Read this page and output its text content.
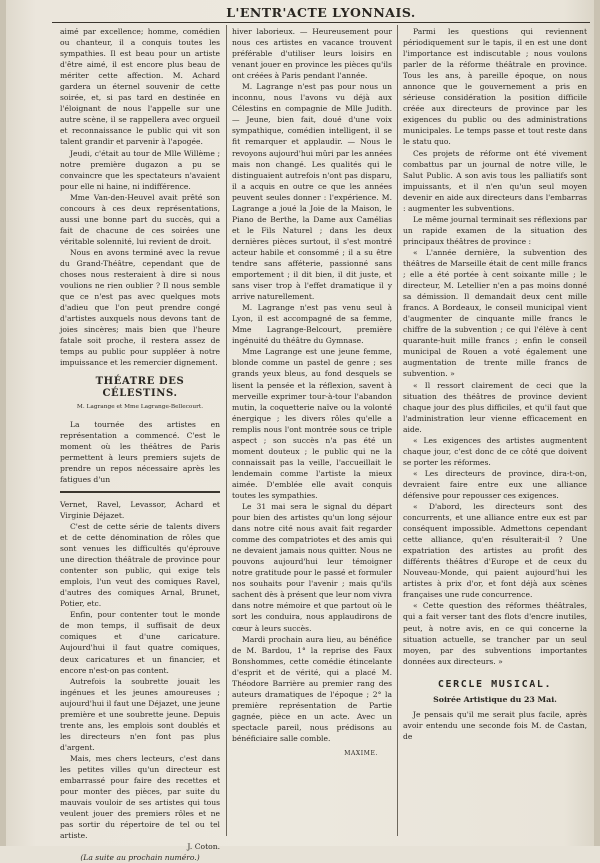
L'ENTR'ACTE LYONNAIS.

aimé par excellence; homme, comédien ou chanteur, il a conquis toutes les sympathies. Il est beau pour un artiste d'être aimé, il est encore plus beau de mériter cette affection. M. Achard gardera un éternel souvenir de cette soirée, et, si pas tard en destinée en l'éloignant de nous l'appelle sur une autre scène, il se rappellera avec orgueil et reconnaissance le public qui vit son talent grandir et parvenir à l'apogée.

Jeudi, c'était au tour de Mlle Willème ; notre première dugazon a pu se convaincre que les spectateurs n'avaient pour elle ni haine, ni indifférence.

Mme Van-den-Heuvel avait prêté son concours à ces deux représentations, aussi une bonne part du succès, qui a fait de chacune de ces soirées une véritable solennité, lui revient de droit.

Nous en avons terminé avec la revue du Grand-Théâtre, cependant que de choses nous resteraient à dire si nous voulions ne rien oublier ? Il nous semble que ce n'est pas avec quelques mots d'adieu que l'on peut prendre congé d'artistes auxquels nous devons tant de joies sincères; mais bien que l'heure fatale soit proche, il restera assez de temps au public pour suppléer à notre impuissance et les remercier dignement.

THÉATRE DES CÉLESTINS.
M. Lagrange et Mme Lagrange-Bellecourt.

La tournée des artistes en représentation a commencé. C'est le moment où les théâtres de Paris permettent à leurs premiers sujets de prendre un repos nécessaire après les fatigues d'un

Vernet, Ravel, Levassor, Achard et Virginie Déjazet.

C'est de cette série de talents divers et de cette dénomination de rôles que sont venues les difficultés qu'éprouve une direction théâtrale de province pour contenter son public, qui exige tels emplois, l'un veut des comiques Ravel, d'autres des comiques Arnal, Brunet, Potier, etc.

Enfin, pour contenter tout le monde de mon temps, il suffisait de deux comiques et d'une caricature. Aujourd'hui il faut quatre comiques, deux caricatures et un financier, et encore n'est-on pas content.

Autrefois la soubrette jouait les ingénues et les jeunes amoureuses ; aujourd'hui il faut une Déjazet, une jeune première et une soubrette jeune. Depuis trente ans, les emplois sont doublés et les directeurs n'en font pas plus d'argent.

Mais, mes chers lecteurs, c'est dans les petites villes qu'un directeur est embarrassé pour faire des recettes et pour monter des pièces, par suite du mauvais vouloir de ses artistes qui tous veulent jouer des premiers rôles et ne pas sortir du répertoire de tel ou tel artiste.

J. Coton.
(La suite au prochain numéro.)

hiver laborieux. — Heureusement pour nous ces artistes en vacance trouvent préférable d'utiliser leurs loisirs en venant jouer en province les pièces qu'ils ont créées à Paris pendant l'année.

M. Lagrange n'est pas pour nous un inconnu, nous l'avons vu déjà aux Célestins en compagnie de Mlle Judith. — Jeune, bien fait, doué d'une voix sympathique, comédien intelligent, il se fit remarquer et applaudir. — Nous le revoyons aujourd'hui mûri par les années mais non changé. Les qualités qui le distinguaient autrefois n'ont pas disparu, il a acquis en outre ce que les années peuvent seules donner : l'expérience. M. Lagrange a joué la Joie de la Maison, le Piano de Berthe, la Dame aux Camélias et le Fils Naturel ; dans les deux dernières pièces surtout, il s'est montré acteur habile et consommé ; il a su être tendre sans afféterie, passionné sans emportement ; il dit bien, il dit juste, et sans viser trop à l'effet dramatique il y arrive naturellement.

M. Lagrange n'est pas venu seul à Lyon, il est accompagné de sa femme, Mme Lagrange-Belcourt, première ingénuité du théâtre du Gymnase.

Mme Lagrange est une jeune femme, blonde comme un pastel de genre ; ses grands yeux bleus, au fond desquels se lisent la pensée et la réflexion, savent à merveille exprimer tour-à-tour l'abandon mutin, la coquetterie naïve ou la volonté énergique ; les divers rôles qu'elle a remplis nous l'ont montrée sous ce triple aspect ; son succès n'a pas été un moment douteux ; le public qui ne la connaissait pas la veille, l'accueillait le lendemain comme l'artiste la mieux aimée. D'emblée elle avait conquis toutes les sympathies.

Le 31 mai sera le signal du départ pour bien des artistes qu'un long séjour dans notre cité nous avait fait regarder comme des compatriotes et des amis qui ne devaient jamais nous quitter. Nous ne pouvons aujourd'hui leur témoigner notre gratitude pour le passé et formuler nos souhaits pour l'avenir ; mais qu'ils sachent dès à présent que leur nom vivra dans notre mémoire et que partout où le sort les conduira, nous applaudirons de cœur à leurs succès.

Mardi prochain aura lieu, au bénéfice de M. Bardou, 1° la reprise des Faux Bonshommes, cette comédie étincelante d'esprit et de vérité, qui a placé M. Théodore Barrière au premier rang des auteurs dramatiques de l'époque ; 2° la première représentation de Partie gagnée, pièce en un acte. Avec un spectacle pareil, nous prédisons au bénéficiaire salle comble.

MAXIME.

Parmi les questions qui reviennent périodiquement sur le tapis, il en est une dont l'importance est indiscutable ; nous voulons parler de la réforme théâtrale en province. Tous les ans, à pareille époque, on nous annonce que le gouvernement a pris en sérieuse considération la position difficile créée aux directeurs de province par les exigences du public ou des administrations municipales. Le temps passe et tout reste dans le statu quo.

Ces projets de réforme ont été vivement combattus par un journal de notre ville, le Salut Public. A son avis tous les palliatifs sont impuissants, et il n'en qu'un seul moyen devenir en aide aux directeurs dans l'embarras : augmenter les subventions.

Le même journal terminait ses réflexions par un rapide examen de la situation des principaux théâtres de province :

« L'année dernière, la subvention des théâtres de Marseille était de cent mille francs ; elle a été portée à cent soixante mille ; le directeur, M. Letellier n'en a pas moins donné sa démission. Il demandait deux cent mille francs. A Bordeaux, le conseil municipal vient d'augmenter de cinquante mille francs le chiffre de la subvention ; ce qui l'élève à cent quarante-huit mille francs ; enfin le conseil municipal de Rouen a voté également une augmentation de trente mille francs de subvention. »

« Il ressort clairement de ceci que la situation des théâtres de province devient chaque jour des plus difficiles, et qu'il faut que l'administration leur vienne efficacement en aide.

« Les exigences des artistes augmentent chaque jour, c'est donc de ce côté que doivent se porter les réformes.

« Les directeurs de province, dira-t-on, devraient faire entre eux une alliance défensive pour repousser ces exigences.

« D'abord, les directeurs sont des concurrents, et une alliance entre eux est par conséquent impossible. Admettons cependant cette alliance, qu'en résulterait-il ? Une expatriation des artistes au profit des différents théâtres d'Europe et de ceux du Nouveau-Monde, qui paient aujourd'hui les artistes à prix d'or, et font déjà aux scènes françaises une rude concurrence.

« Cette question des réformes théâtrales, qui a fait verser tant des flots d'encre inutiles, peut, à notre avis, en ce qui concerne la situation actuelle, se trancher par un seul moyen, par des subventions importantes données aux directeurs. »

CERCLE MUSICAL.
Soirée Artistique du 23 Mai.

Je pensais qu'il me serait plus facile, après avoir entendu une seconde fois M. de Castan, de
